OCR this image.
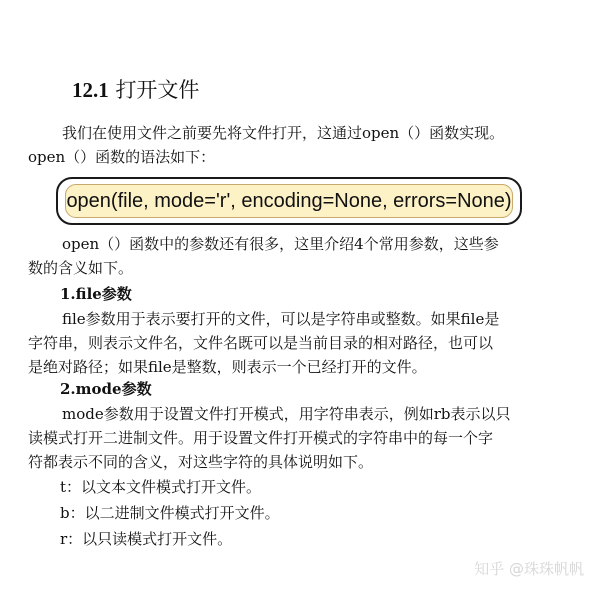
12.1 打开文件
我们在使用文件之前要先将文件打开，这通过open（）函数实现。
open（）函数的语法如下：
open(file, mode='r', encoding=None, errors=None)
open（）函数中的参数还有很多，这里介绍4个常用参数，这些参
数的含义如下。
1.file参数
file参数用于表示要打开的文件，可以是字符串或整数。如果file是
字符串，则表示文件名，文件名既可以是当前目录的相对路径，也可以
是绝对路径；如果file是整数，则表示一个已经打开的文件。
2.mode参数
mode参数用于设置文件打开模式，用字符串表示，例如rb表示以只
读模式打开二进制文件。用于设置文件打开模式的字符串中的每一个字
符都表示不同的含义，对这些字符的具体说明如下。
t：以文本文件模式打开文件。
b：以二进制文件模式打开文件。
r：以只读模式打开文件。
知乎 @珠珠帆帆
